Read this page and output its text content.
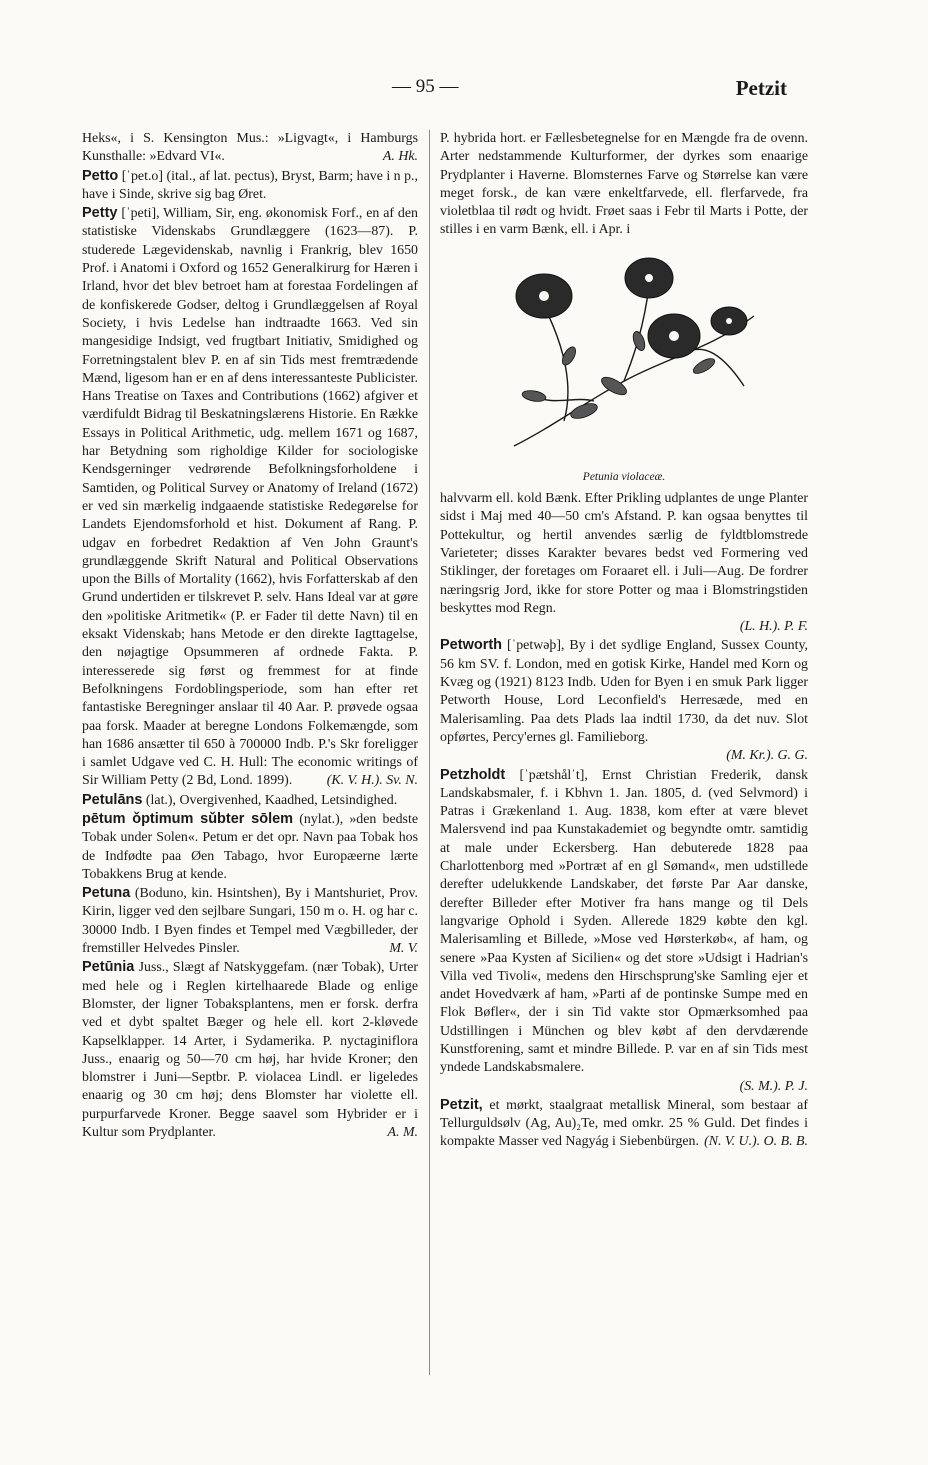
— 95 —	Petzit

Heks«, i S. Kensington Mus.: »Ligvagt«, i Hamburgs Kunsthalle: »Edvard VI«.	A. Hk.

Petto [ˈpet.o] (ital., af lat. pectus), Bryst, Barm; have i n p., have i Sinde, skrive sig bag Øret.

Petty [ˈpeti], William, Sir, eng. økonomisk Forf., en af den statistiske Videnskabs Grundlæggere (1623—87). P. studerede Lægevidenskab, navnlig i Frankrig, blev 1650 Prof. i Anatomi i Oxford og 1652 Generalkirurg for Hæren i Irland, hvor det blev betroet ham at forestaa Fordelingen af de konfiskerede Godser, deltog i Grundlæggelsen af Royal Society, i hvis Ledelse han indtraadte 1663. Ved sin mangesidige Indsigt, ved frugtbart Initiativ, Smidighed og Forretningstalent blev P. en af sin Tids mest fremtrædende Mænd, ligesom han er en af dens interessanteste Publicister. Hans Treatise on Taxes and Contributions (1662) afgiver et værdifuldt Bidrag til Beskatningslærens Historie. En Række Essays in Political Arithmetic, udg. mellem 1671 og 1687, har Betydning som righoldige Kilder for sociologiske Kendsgerninger vedrørende Befolkningsforholdene i Samtiden, og Political Survey or Anatomy of Ireland (1672) er ved sin mærkelig indgaaende statistiske Redegørelse for Landets Ejendomsforhold et hist. Dokument af Rang. P. udgav en forbedret Redaktion af Ven John Graunt's grundlæggende Skrift Natural and Political Observations upon the Bills of Mortality (1662), hvis Forfatterskab af den Grund undertiden er tilskrevet P. selv. Hans Ideal var at gøre den »politiske Aritmetik« (P. er Fader til dette Navn) til en eksakt Videnskab; hans Metode er den direkte Iagttagelse, den nøjagtige Opsummeren af ordnede Fakta. P. interesserede sig først og fremmest for at finde Befolkningens Fordoblingsperiode, som han efter ret fantastiske Beregninger anslaar til 40 Aar. P. prøvede ogsaa paa forsk. Maader at beregne Londons Folkemængde, som han 1686 ansætter til 650 à 700000 Indb. P.'s Skr foreligger i samlet Udgave ved C. H. Hull: The economic writings of Sir William Petty (2 Bd, Lond. 1899). (K. V. H.). Sv. N.

Petulāns (lat.), Overgivenhed, Kaadhed, Letsindighed.

pētum ǒptimum sǔbter sōlem (nylat.), »den bedste Tobak under Solen«. Petum er det opr. Navn paa Tobak hos de Indfødte paa Øen Tabago, hvor Europæerne lærte Tobakkens Brug at kende.

Petuna (Boduno, kin. Hsintshen), By i Mantshuriet, Prov. Kirin, ligger ved den sejlbare Sungari, 150 m o. H. og har c. 30000 Indb. I Byen findes et Tempel med Vægbilleder, der fremstiller Helvedes Pinsler.	M. V.

Petūnia Juss., Slægt af Natskyggefam. (nær Tobak), Urter med hele og i Reglen kirtelhaarede Blade og enlige Blomster, der ligner Tobaksplantens, men er forsk. derfra ved et dybt spaltet Bæger og hele ell. kort 2-kløvede Kapselklapper. 14 Arter, i Sydamerika. P. nyctaginiflora Juss., enaarig og 50—70 cm høj, har hvide Kroner; den blomstrer i Juni—Septbr. P. violacea Lindl. er ligeledes enaarig og 30 cm høj; dens Blomster har violette ell. purpurfarvede Kroner. Begge saavel som Hybrider er i Kultur som Prydplanter.	A. M.

P. hybrida hort. er Fællesbetegnelse for en Mængde fra de ovenn. Arter nedstammende Kulturformer, der dyrkes som enaarige Prydplanter i Haverne. Blomsternes Farve og Størrelse kan være meget forsk., de kan være enkeltfarvede, ell. flerfarvede, fra violetblaa til rødt og hvidt. Frøet saas i Febr til Marts i Potte, der stilles i en varm Bænk, ell. i Apr. i

Petunia violaceæ.

halvvarm ell. kold Bænk. Efter Prikling udplantes de unge Planter sidst i Maj med 40—50 cm's Afstand. P. kan ogsaa benyttes til Pottekultur, og hertil anvendes særlig de fyldtblomstrede Varieteter; disses Karakter bevares bedst ved Formering ved Stiklinger, der foretages om Foraaret ell. i Juli—Aug. De fordrer næringsrig Jord, ikke for store Potter og maa i Blomstringstiden beskyttes mod Regn.

(L. H.). P. F.

Petworth [ˈpetwəþ], By i det sydlige England, Sussex County, 56 km SV. f. London, med en gotisk Kirke, Handel med Korn og Kvæg og (1921) 8123 Indb. Uden for Byen i en smuk Park ligger Petworth House, Lord Leconfield's Herresæde, med en Malerisamling. Paa dets Plads laa indtil 1730, da det nuv. Slot opførtes, Percy'ernes gl. Familieborg.

(M. Kr.). G. G.

Petzholdt [ˈpætshålˈt], Ernst Christian Frederik, dansk Landskabsmaler, f. i Kbhvn 1. Jan. 1805, d. (ved Selvmord) i Patras i Grækenland 1. Aug. 1838, kom efter at være blevet Malersvend ind paa Kunstakademiet og begyndte omtr. samtidig at male under Eckersberg. Han debuterede 1828 paa Charlottenborg med »Portræt af en gl Sømand«, men udstillede derefter udelukkende Landskaber, det første Par Aar danske, derefter Billeder efter Motiver fra hans mange og til Dels langvarige Ophold i Syden. Allerede 1829 købte den kgl. Malerisamling et Billede, »Mose ved Hørsterkøb«, af ham, og senere »Paa Kysten af Sicilien« og det store »Udsigt i Hadrian's Villa ved Tivoli«, medens den Hirschsprung'ske Samling ejer et andet Hovedværk af ham, »Parti af de pontinske Sumpe med en Flok Bøfler«, der i sin Tid vakte stor Opmærksomhed paa Udstillingen i München og blev købt af den dervdærende Kunstforening, samt et mindre Billede. P. var en af sin Tids mest yndede Landskabsmalere.

(S. M.). P. J.

Petzit, et mørkt, staalgraat metallisk Mineral, som bestaar af Tellurguldsølv (Ag, Au)₂Te, med omkr. 25 % Guld. Det findes i kompakte Masser ved Nagyág i Siebenbürgen. (N. V. U.). O. B. B.
